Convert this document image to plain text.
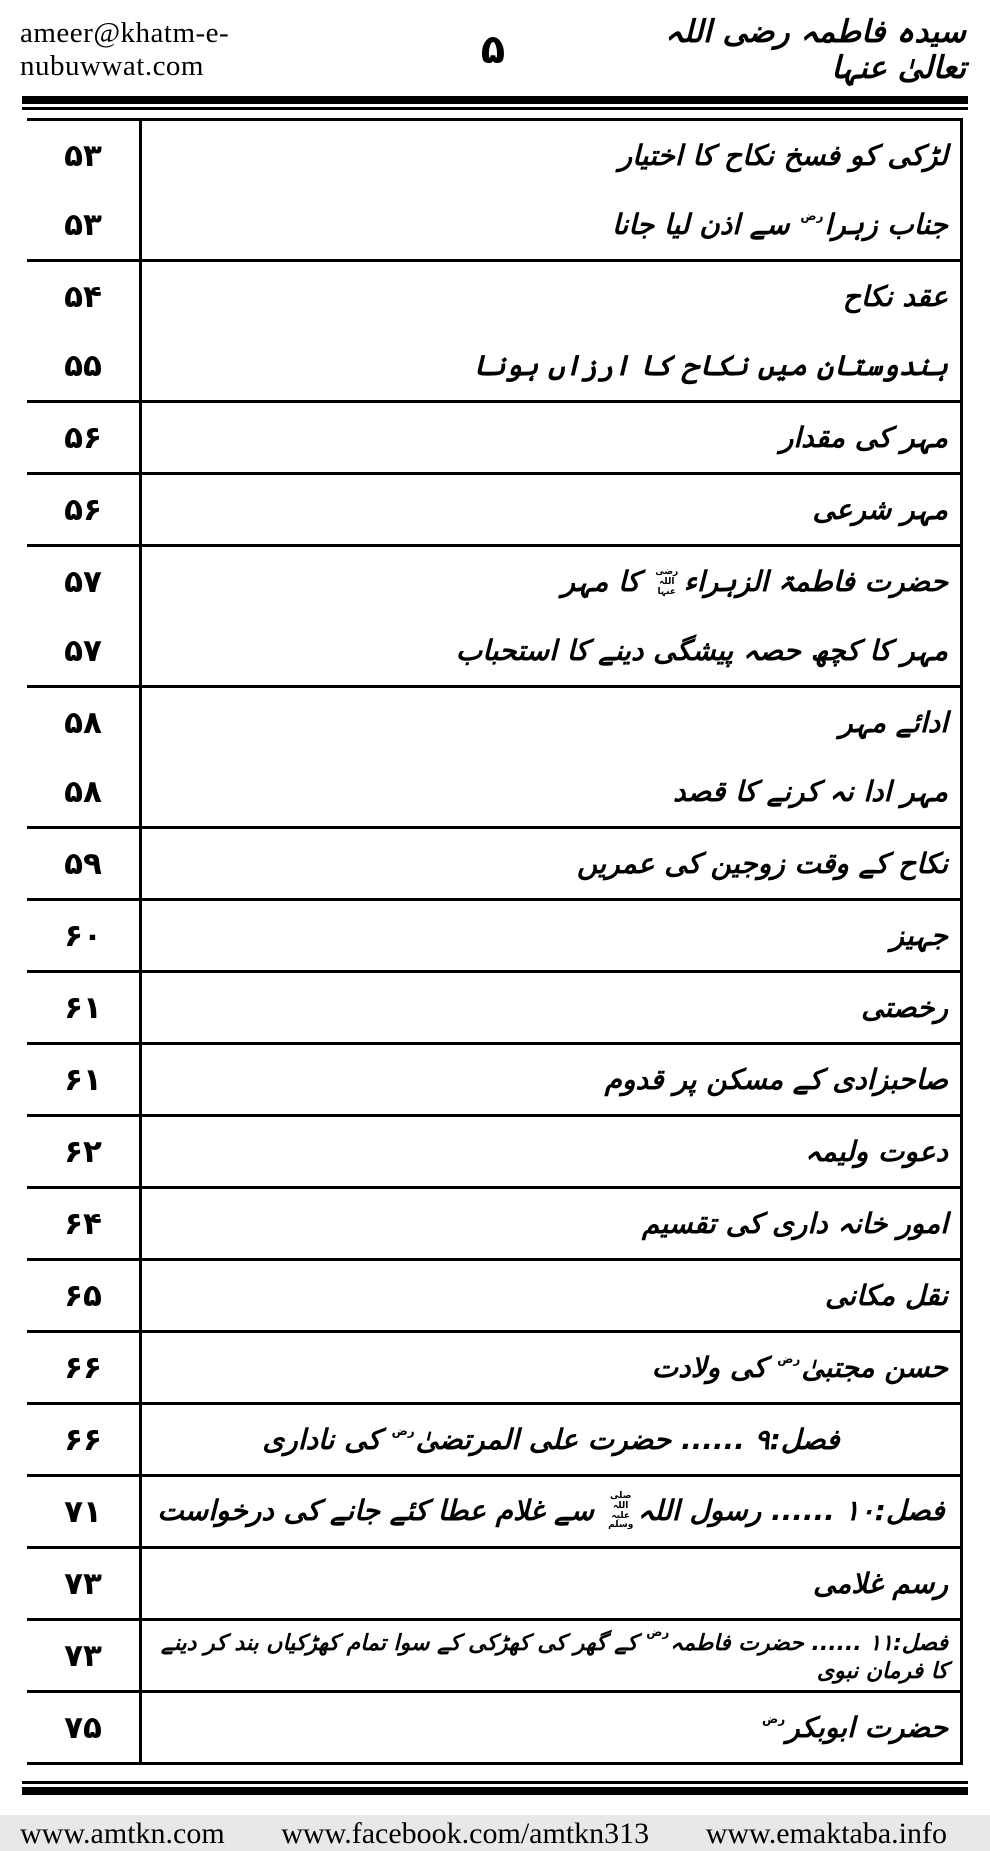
ameer@khatm-e-nubuwwat.com	۵	سیدہ فاطمہ رضی اللہ تعالیٰ عنہا
۵۳	لڑکی کو فسخ نکاح کا اختیار
۵۳	جناب زہرارض سے اذن لیا جانا
۵۴	عقد نکاح
۵۵	ہندوستان میں نکاح کا ارزاں ہونا
۵۶	مہر کی مقدار
۵۶	مہر شرعی
۵۷	حضرت فاطمۃ الزہراءرضی اللہ عنہا کا مہر
۵۷	مہر کا کچھ حصہ پیشگی دینے کا استحباب
۵۸	ادائے مہر
۵۸	مہر ادا نہ کرنے کا قصد
۵۹	نکاح کے وقت زوجین کی عمریں
۶۰	جہیز
۶۱	رخصتی
۶۱	صاحبزادی کے مسکن پر قدوم
۶۲	دعوت ولیمہ
۶۴	امور خانہ داری کی تقسیم
۶۵	نقل مکانی
۶۶	حسن مجتبیٰرض کی ولادت
۶۶	فصل:۹ ...... حضرت علی المرتضیٰرض کی ناداری
۷۱	فصل:۱۰ ...... رسول اللہصلی اللہ علیہ وسلم سے غلام عطا کئے جانے کی درخواست
۷۳	رسم غلامی
۷۳	فصل:۱۱ ...... حضرت فاطمہرض کے گھر کی کھڑکی کے سوا تمام کھڑکیاں بند کر دینے کا فرمان نبوی
۷۵	حضرت ابوبکررض
www.amtkn.com www.facebook.com/amtkn313 www.emaktaba.info
